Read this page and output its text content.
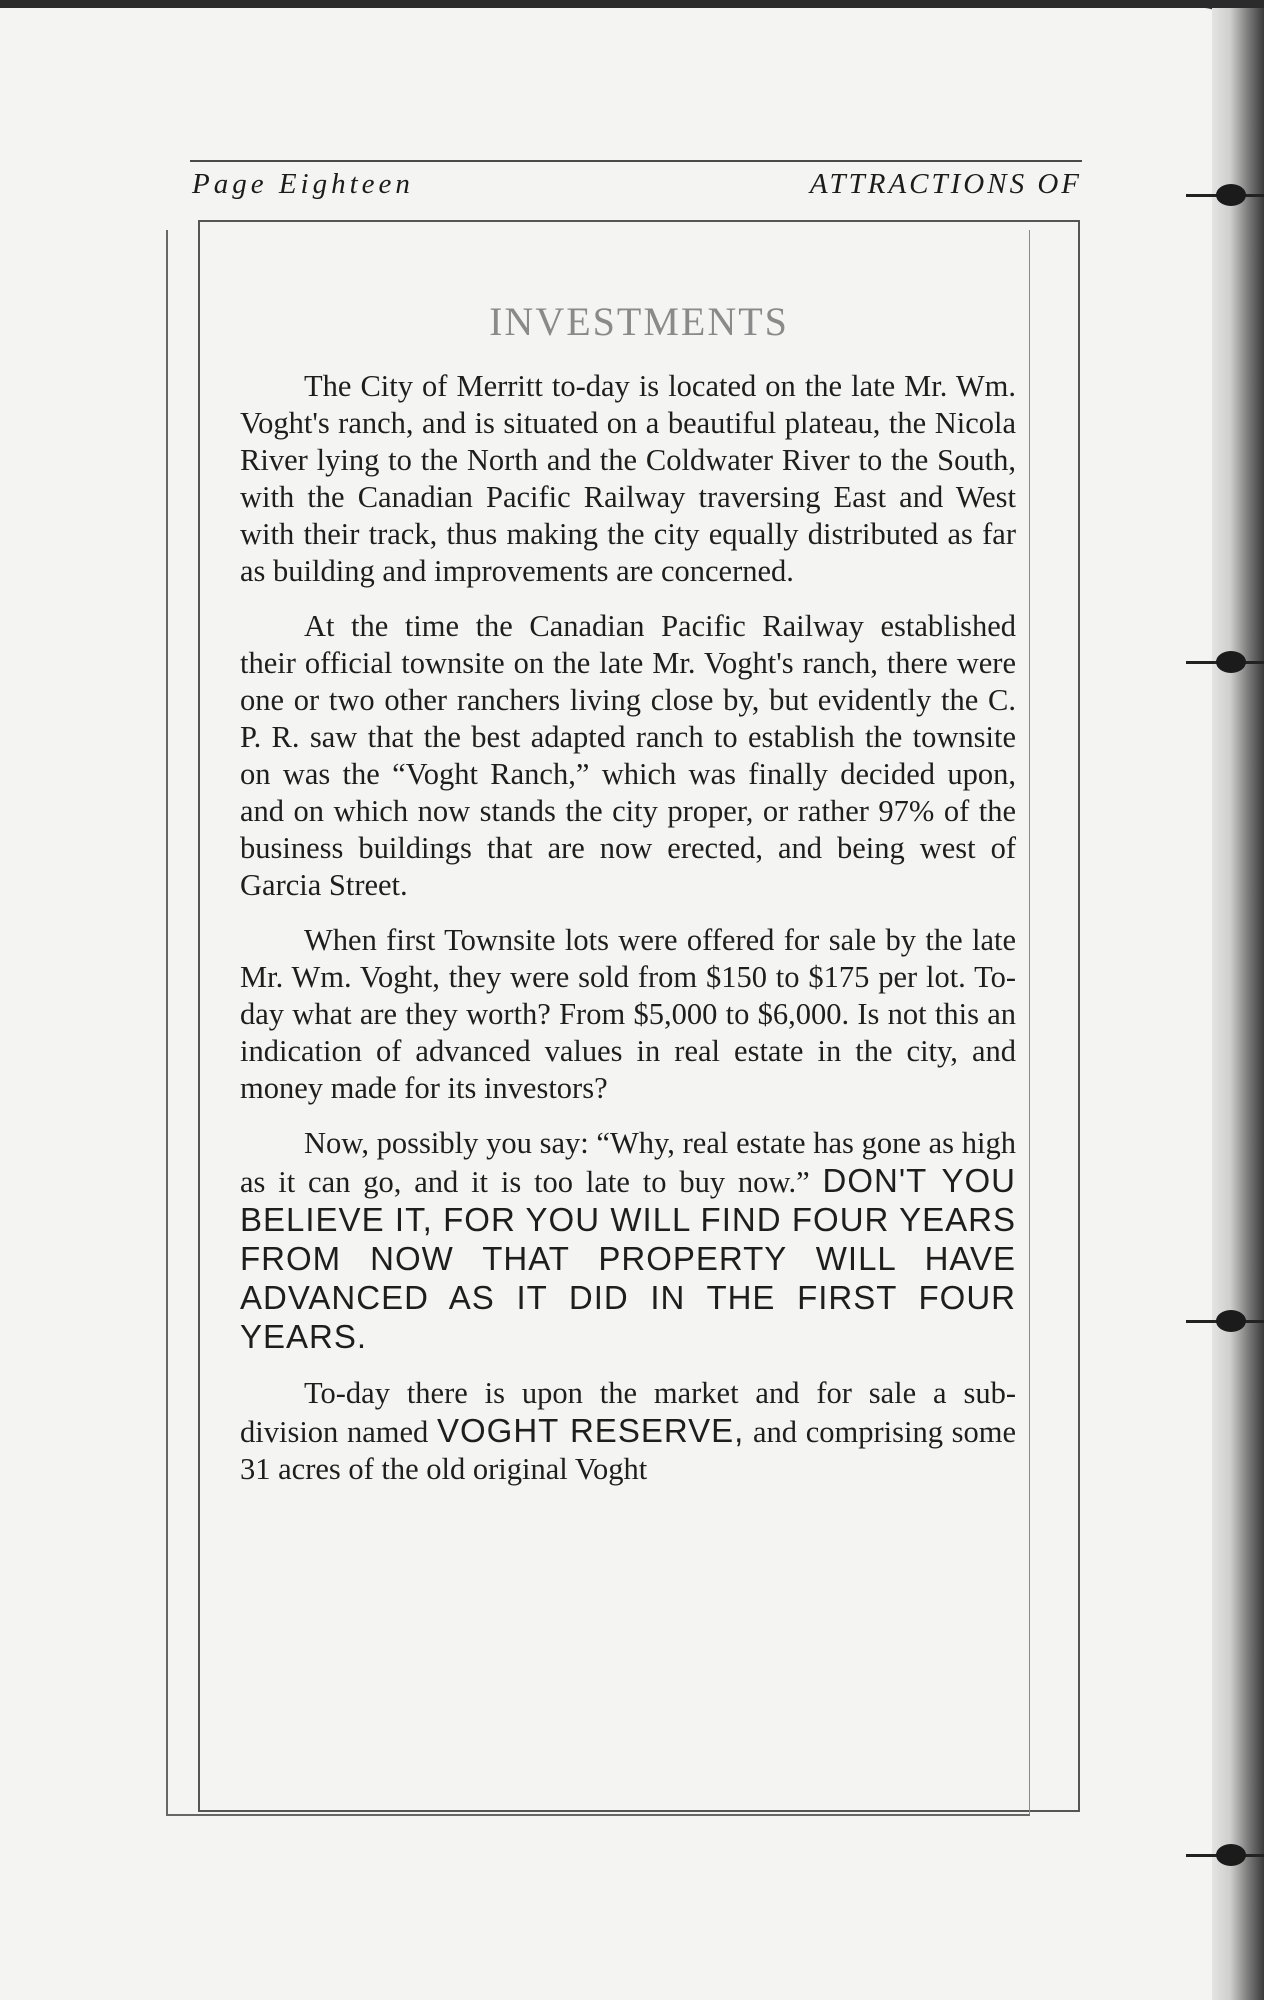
Page Eighteen	ATTRACTIONS OF
INVESTMENTS

The City of Merritt to-day is located on the late Mr. Wm. Voght's ranch, and is situated on a beautiful plateau, the Nicola River lying to the North and the Coldwater River to the South, with the Canadian Pacific Railway traversing East and West with their track, thus making the city equally distributed as far as building and improvements are concerned.

At the time the Canadian Pacific Railway established their official townsite on the late Mr. Voght's ranch, there were one or two other ranchers living close by, but evidently the C. P. R. saw that the best adapted ranch to establish the townsite on was the “Voght Ranch,” which was finally decided upon, and on which now stands the city proper, or rather 97% of the business buildings that are now erected, and being west of Garcia Street.

When first Townsite lots were offered for sale by the late Mr. Wm. Voght, they were sold from $150 to $175 per lot. To-day what are they worth? From $5,000 to $6,000. Is not this an indication of advanced values in real estate in the city, and money made for its investors?

Now, possibly you say: “Why, real estate has gone as high as it can go, and it is too late to buy now.” DON'T YOU BELIEVE IT, FOR YOU WILL FIND FOUR YEARS FROM NOW THAT PROPERTY WILL HAVE ADVANCED AS IT DID IN THE FIRST FOUR YEARS.

To-day there is upon the market and for sale a sub-division named VOGHT RESERVE, and comprising some 31 acres of the old original Voght
